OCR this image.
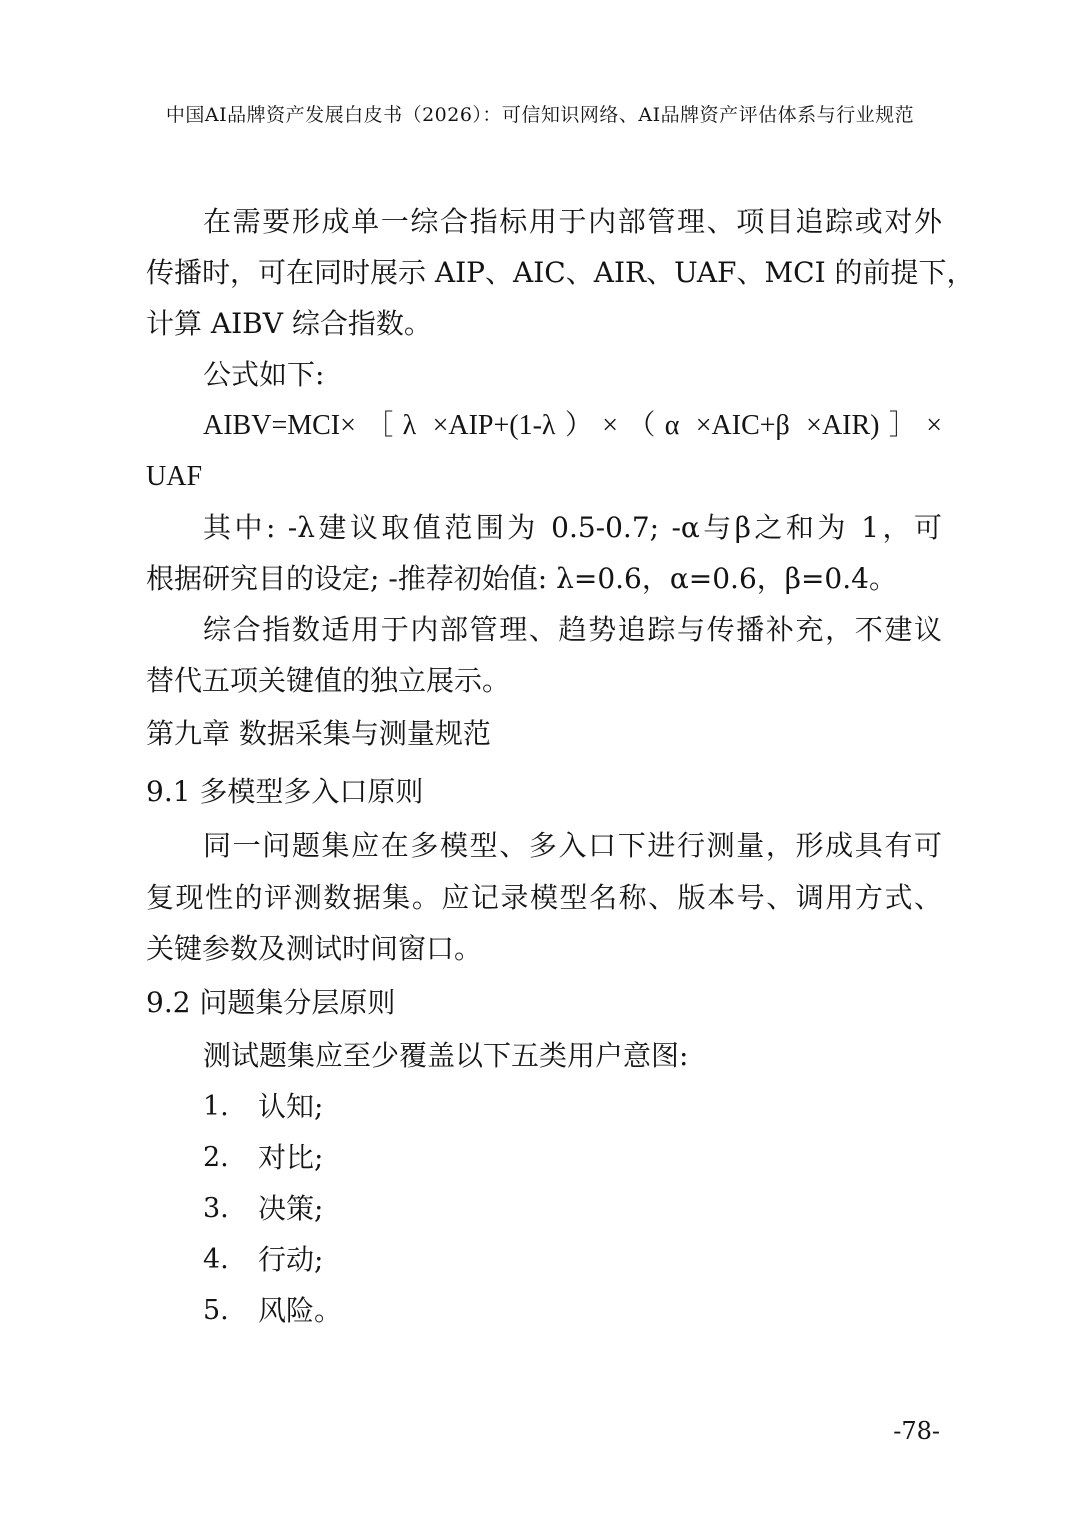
中国AI品牌资产发展白皮书（2026）：可信知识网络、AI品牌资产评估体系与行业规范
在需要形成单一综合指标用于内部管理、项目追踪或对外
传播时，可在同时展示 AIP、AIC、AIR、UAF、MCI 的前提下，
计算 AIBV 综合指数。
公式如下:
AIBV=MCI×［λ ×AIP+(1-λ）×（α ×AIC+β ×AIR)］×
UAF
其中: -λ建议取值范围为 0.5-0.7; -α与β之和为 1，可
根据研究目的设定; -推荐初始值: λ=0.6，α=0.6，β=0.4。
综合指数适用于内部管理、趋势追踪与传播补充，不建议
替代五项关键值的独立展示。
第九章 数据采集与测量规范
9.1 多模型多入口原则
同一问题集应在多模型、多入口下进行测量，形成具有可
复现性的评测数据集。应记录模型名称、版本号、调用方式、
关键参数及测试时间窗口。
9.2 问题集分层原则
测试题集应至少覆盖以下五类用户意图:
1. 认知;
2. 对比;
3. 决策;
4. 行动;
5. 风险。
-78-
